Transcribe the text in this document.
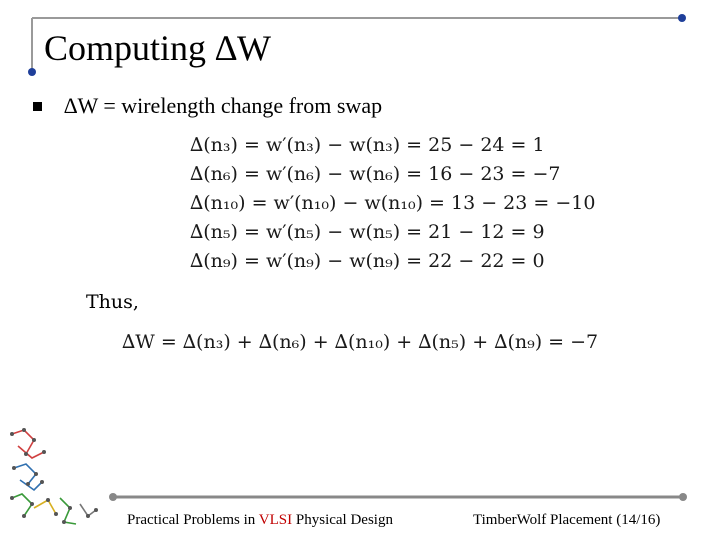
Computing ∆W
∆W = wirelength change from swap
∆(n₃) = w′(n₃) − w(n₃) = 25 − 24 = 1
∆(n₆) = w′(n₆) − w(n₆) = 16 − 23 = −7
∆(n₁₀) = w′(n₁₀) − w(n₁₀) = 13 − 23 = −10
∆(n₅) = w′(n₅) − w(n₅) = 21 − 12 = 9
∆(n₉) = w′(n₉) − w(n₉) = 22 − 22 = 0
Thus,
∆W = ∆(n₃) + ∆(n₆) + ∆(n₁₀) + ∆(n₅) + ∆(n₉) = −7
Practical Problems in VLSI Physical Design	TimberWolf Placement (14/16)
